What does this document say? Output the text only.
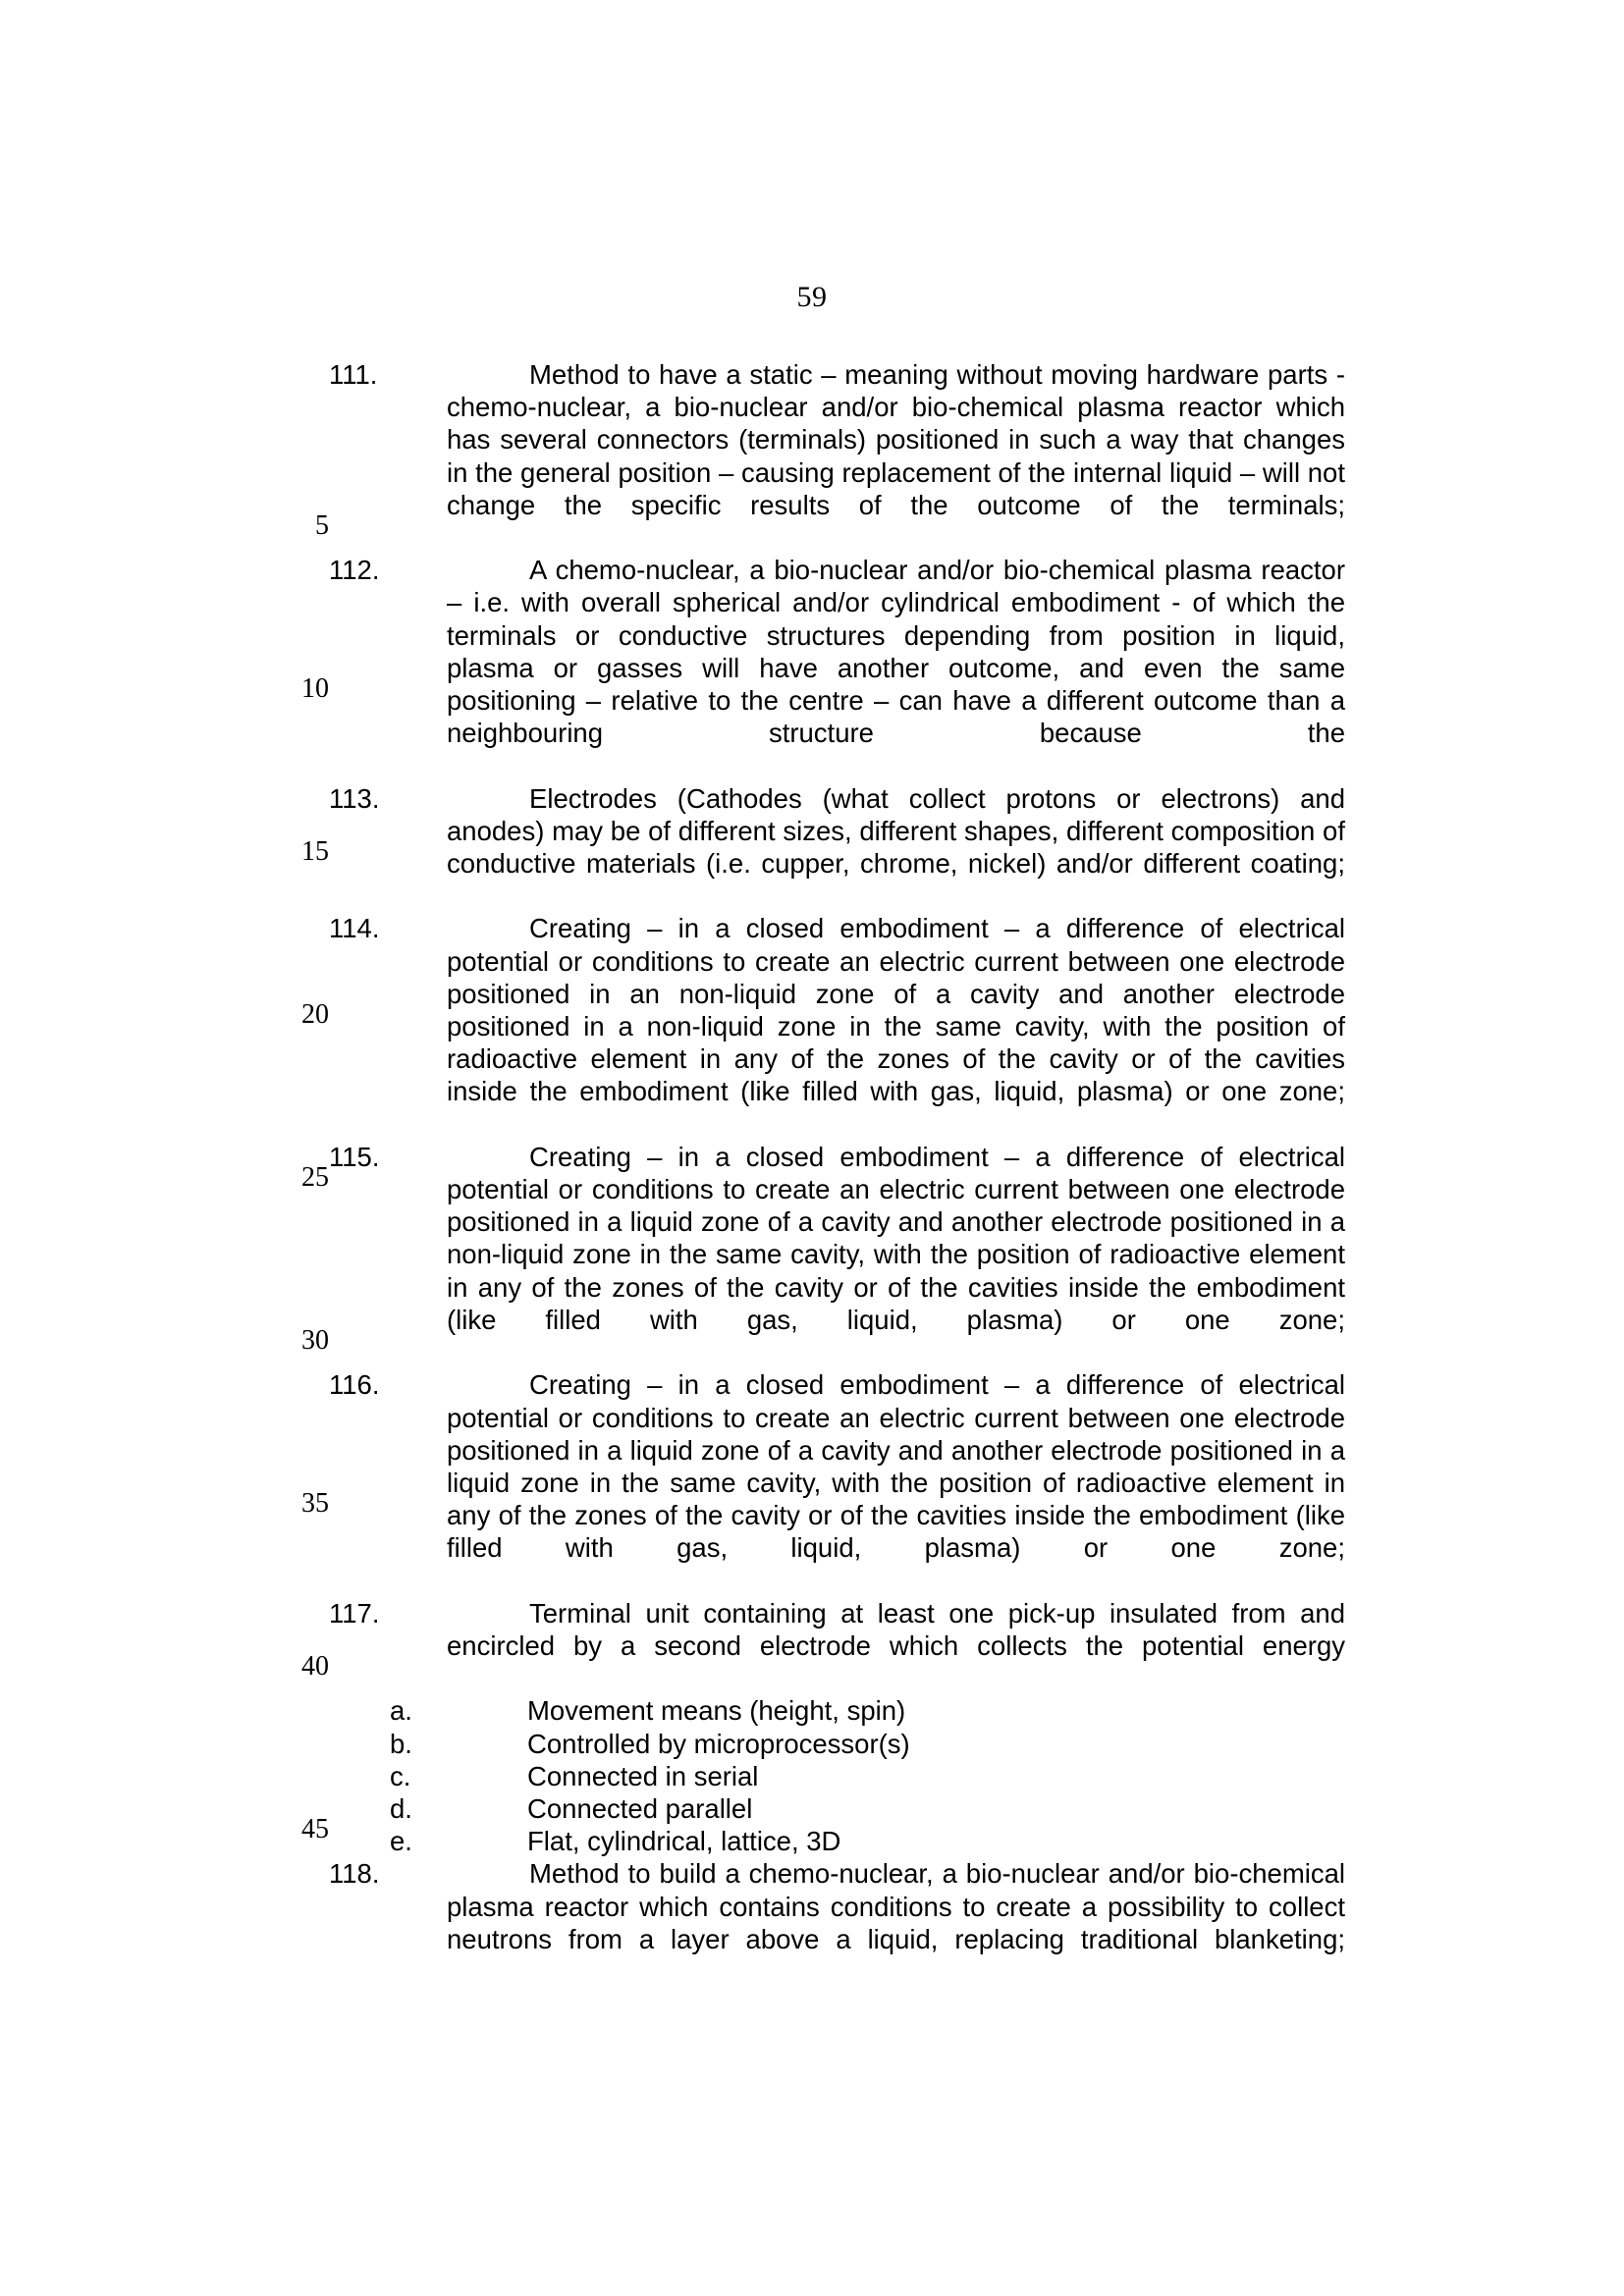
59
5
10
15
20
25
30
35
40
45

111.	Method to have a static – meaning without moving hardware parts - chemo-nuclear, a bio-nuclear and/or bio-chemical plasma reactor which has several connectors (terminals) positioned in such a way that changes in the general position – causing replacement of the internal liquid – will not change the specific results of the outcome of the terminals;

112.	A chemo-nuclear, a bio-nuclear and/or bio-chemical plasma reactor – i.e. with overall spherical and/or cylindrical embodiment - of which the terminals or conductive structures depending from position in liquid, plasma or gasses will have another outcome, and even the same positioning – relative to the centre – can have a different outcome than a neighbouring structure because the

113.	Electrodes (Cathodes (what collect protons or electrons) and anodes) may be of different sizes, different shapes, different composition of conductive materials (i.e. cupper, chrome, nickel) and/or different coating;

114.	Creating – in a closed embodiment – a difference of electrical potential or conditions to create an electric current between one electrode positioned in an non-liquid zone of a cavity and another electrode positioned in a non-liquid zone in the same cavity, with the position of radioactive element in any of the zones of the cavity or of the cavities inside the embodiment (like filled with gas, liquid, plasma) or one zone;

115.	Creating – in a closed embodiment – a difference of electrical potential or conditions to create an electric current between one electrode positioned in a liquid zone of a cavity and another electrode positioned in a non-liquid zone in the same cavity, with the position of radioactive element in any of the zones of the cavity or of the cavities inside the embodiment (like filled with gas, liquid, plasma) or one zone;

116.	Creating – in a closed embodiment – a difference of electrical potential or conditions to create an electric current between one electrode positioned in a liquid zone of a cavity and another electrode positioned in a liquid zone in the same cavity, with the position of radioactive element in any of the zones of the cavity or of the cavities inside the embodiment (like filled with gas, liquid, plasma) or one zone;

117.	Terminal unit containing at least one pick-up insulated from and encircled by a second electrode which collects the potential energy

a.	Movement means (height, spin)
b.	Controlled by microprocessor(s)
c.	Connected in serial
d.	Connected parallel
e.	Flat, cylindrical, lattice, 3D

118.	Method to build a chemo-nuclear, a bio-nuclear and/or bio-chemical plasma reactor which contains conditions to create a possibility to collect neutrons from a layer above a liquid, replacing traditional blanketing;
